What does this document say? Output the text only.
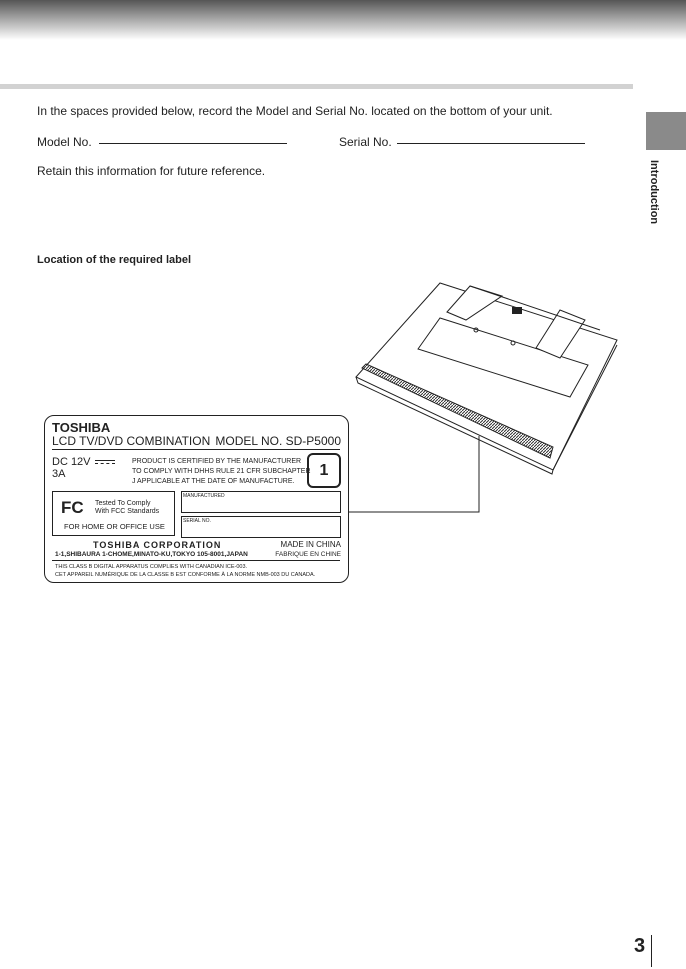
Introduction
In the spaces provided below, record the Model and Serial No. located on the bottom of your unit.
Model No.	Serial No.
Retain this information for future reference.
Location of the required label
TOSHIBA
LCD TV/DVD COMBINATION MODEL NO. SD-P5000
DC 12V
3A
PRODUCT IS CERTIFIED BY THE MANUFACTURER
TO COMPLY WITH DHHS RULE 21 CFR SUBCHAPTER
J APPLICABLE AT THE DATE OF MANUFACTURE.
1
FC Tested To Comply
With FCC Standards
FOR HOME OR OFFICE USE
MANUFACTURED
SERIAL NO.
TOSHIBA CORPORATION	MADE IN CHINA
1-1,SHIBAURA 1-CHOME,MINATO-KU,TOKYO 105-8001,JAPAN	FABRIQUE EN CHINE
THIS CLASS B DIGITAL APPARATUS COMPLIES WITH CANADIAN ICE-003.
CET APPAREIL NUMÉRIQUE DE LA CLASSE B EST CONFORME À LA NORME NMB-003 DU CANADA.
3
